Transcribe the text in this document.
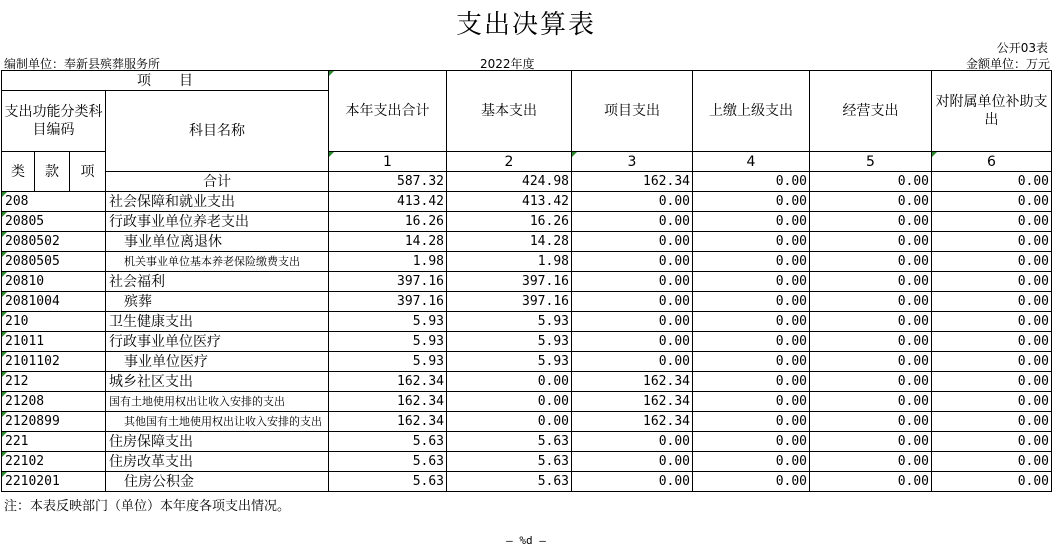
支出决算表
公开03表
编制单位：奉新县殡葬服务所	2022年度	金额单位：万元
项　　目				本年支出合计	基本支出	项目支出	上缴上级支出	经营支出	对附属单位补助支出
支出功能分类科目编码			科目名称						

类	款	项		1	2	3	4	5	6
			合计	587.32	424.98	162.34	0.00	0.00	0.00
208			社会保障和就业支出	413.42	413.42	0.00	0.00	0.00	0.00
20805			行政事业单位养老支出	16.26	16.26	0.00	0.00	0.00	0.00
2080502			事业单位离退休	14.28	14.28	0.00	0.00	0.00	0.00
2080505			机关事业单位基本养老保险缴费支出	1.98	1.98	0.00	0.00	0.00	0.00
20810			社会福利	397.16	397.16	0.00	0.00	0.00	0.00
2081004			殡葬	397.16	397.16	0.00	0.00	0.00	0.00
210			卫生健康支出	5.93	5.93	0.00	0.00	0.00	0.00
21011			行政事业单位医疗	5.93	5.93	0.00	0.00	0.00	0.00
2101102			事业单位医疗	5.93	5.93	0.00	0.00	0.00	0.00
212			城乡社区支出	162.34	0.00	162.34	0.00	0.00	0.00
21208			国有土地使用权出让收入安排的支出	162.34	0.00	162.34	0.00	0.00	0.00
2120899			其他国有土地使用权出让收入安排的支出	162.34	0.00	162.34	0.00	0.00	0.00
221			住房保障支出	5.63	5.63	0.00	0.00	0.00	0.00
22102			住房改革支出	5.63	5.63	0.00	0.00	0.00	0.00
2210201			住房公积金	5.63	5.63	0.00	0.00	0.00	0.00
注：本表反映部门（单位）本年度各项支出情况。
— %d —
